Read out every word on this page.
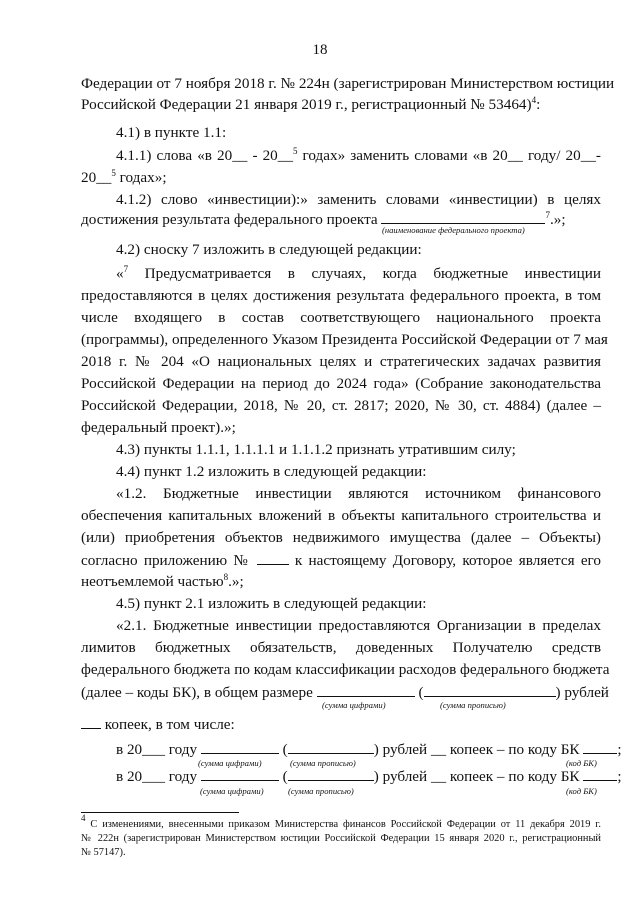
18
Федерации от 7 ноября 2018 г. № 224н (зарегистрирован Министерством юстиции
Российской Федерации 21 января 2019 г., регистрационный № 53464)$^4$:
4.1) в пункте 1.1:
4.1.1) слова «в 20__ - 20__$^5$ годах» заменить словами «в 20__ году/ 20__-
20__$^5$ годах»;
4.1.2) слово «инвестиции):» заменить словами «инвестиции) в целях
достижения результата федерального проекта	$^7$.»;
(наименование федерального проекта)
4.2) сноску 7 изложить в следующей редакции:
«$^7$ Предусматривается в случаях, когда бюджетные инвестиции
предоставляются в целях достижения результата федерального проекта, в том
числе входящего в состав соответствующего национального проекта
(программы), определенного Указом Президента Российской Федерации от 7 мая
2018 г. № 204 «О национальных целях и стратегических задачах развития
Российской Федерации на период до 2024 года» (Собрание законодательства
Российской Федерации, 2018, № 20, ст. 2817; 2020, № 30, ст. 4884) (далее –
федеральный проект).»;
4.3) пункты 1.1.1, 1.1.1.1 и 1.1.1.2 признать утратившим силу;
4.4) пункт 1.2 изложить в следующей редакции:
«1.2. Бюджетные инвестиции являются источником финансового
обеспечения капитальных вложений в объекты капитального строительства и
(или) приобретения объектов недвижимого имущества (далее – Объекты)
согласно приложению №	к настоящему Договору, которое является его
неотъемлемой частью$^8$.»;
4.5) пункт 2.1 изложить в следующей редакции:
«2.1. Бюджетные инвестиции предоставляются Организации в пределах
лимитов бюджетных обязательств, доведенных Получателю средств
федерального бюджета по кодам классификации расходов федерального бюджета
(далее – коды БК), в общем размере	(	) рублей
(сумма цифрами)	(сумма прописью)
копеек, в том числе:
в 20___ году	(	) рублей __ копеек – по коду БК ;
(сумма цифрами)	(сумма прописью)	(код БК)
в 20___ году	(	) рублей __ копеек – по коду БК ;
(сумма цифрами)	(сумма прописью)	(код БК)
$^4$ С изменениями, внесенными приказом Министерства финансов Российской Федерации от 11 декабря 2019 г.
№ 222н (зарегистрирован Министерством юстиции Российской Федерации 15 января 2020 г., регистрационный
№ 57147).
